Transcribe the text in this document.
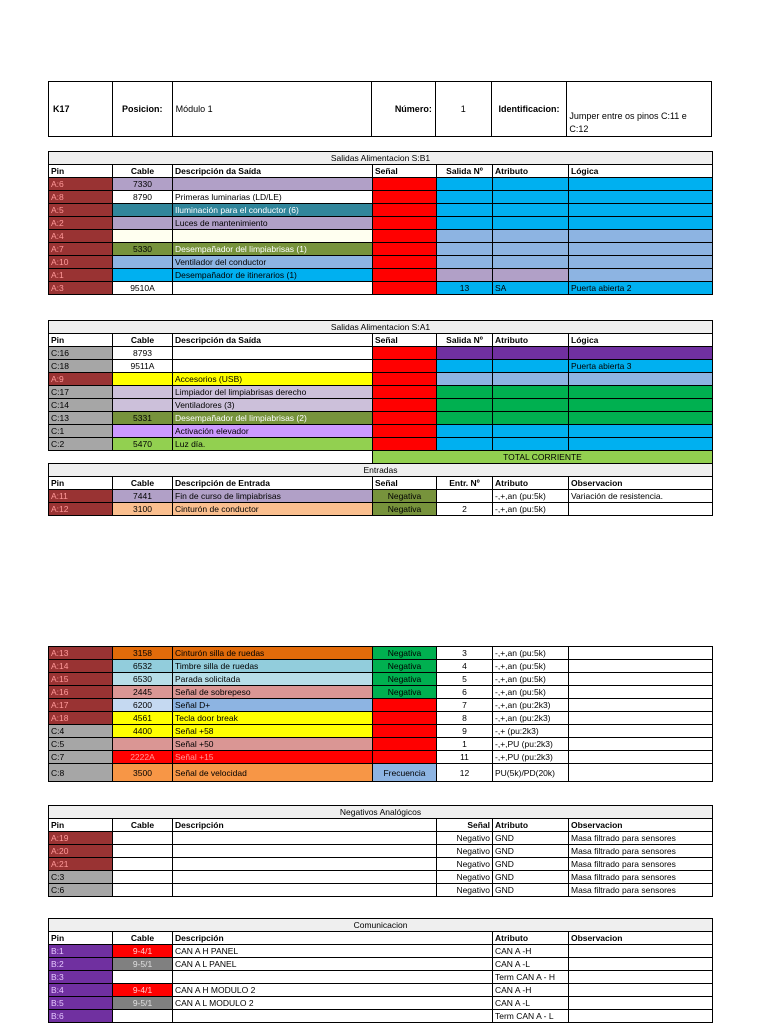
K17	Posicion:	Módulo 1	Número:	1	Identificacion:
Jumper entre os pinos C:11 e
C:12
Salidas Alimentacion S:B1						
Pin	Cable	Descripción da Saída	Señal	Salida Nº	Atributo	Lógica
A:6	7330					
A:8	8790	Primeras luminarias (LD/LE)				
A:5		Iluminación para el conductor (6)				
A:2		Luces de mantenimiento				
A:4						
A:7	5330	Desempañador del limpiabrisas (1)				
A:10		Ventilador del conductor				
A:1		Desempañador de itinerarios (1)				
A:3	9510A			13	SA	Puerta abierta 2
Salidas Alimentacion S:A1						
Pin	Cable	Descripción da Saída	Señal	Salida Nº	Atributo	Lógica
C:16	8793					
C:18	9511A					Puerta abierta 3
A:9		Accesorios (USB)				
C:17		Limpiador del limpiabrisas derecho				
C:14		Ventiladores (3)				
C:13	5331	Desempañador del limpiabrisas (2)				
C:1		Activación elevador				
C:2	5470	Luz día.				
			TOTAL CORRIENTE			
Entradas						
Pin	Cable	Descripción de Entrada	Señal	Entr. Nº	Atributo	Observacion
A:11	7441	Fin de curso de limpiabrisas	Negativa		-,+,an (pu:5k)	Variación de resistencia.
A:12	3100	Cinturón de conductor	Negativa	2	-,+,an (pu:5k)	
A:13	3158	Cinturón silla de ruedas	Negativa	3	-,+,an (pu:5k)	
A:14	6532	Timbre silla de ruedas	Negativa	4	-,+,an (pu:5k)	
A:15	6530	Parada solicitada	Negativa	5	-,+,an (pu:5k)	
A:16	2445	Señal de sobrepeso	Negativa	6	-,+,an (pu:5k)	
A:17	6200	Señal D+		7	-,+,an (pu:2k3)	
A:18	4561	Tecla door break		8	-,+,an (pu:2k3)	
C:4	4400	Señal +58		9	-,+ (pu:2k3)	
C:5		Señal +50		1	-,+,PU (pu:2k3)	
C:7	2222A	Señal +15		11	-,+,PU (pu:2k3)	
C:8	3500	Señal de velocidad	Frecuencia	12	PU(5k)/PD(20k)	
Negativos Analógicos					
Pin	Cable	Descripción	Señal	Atributo	Observacion
A:19			Negativo	GND	Masa filtrado para sensores
A:20			Negativo	GND	Masa filtrado para sensores
A:21			Negativo	GND	Masa filtrado para sensores
C:3			Negativo	GND	Masa filtrado para sensores
C:6			Negativo	GND	Masa filtrado para sensores
Comunicacion				
Pin	Cable	Descripción	Atributo	Observacion
B:1	9-4/1	CAN A H PANEL	CAN A -H	
B:2	9-5/1	CAN A L PANEL	CAN A -L	
B:3			Term CAN A - H	
B:4	9-4/1	CAN A H MODULO 2	CAN A -H	
B:5	9-5/1	CAN A L MODULO 2	CAN A -L	
B:6			Term CAN A - L	
